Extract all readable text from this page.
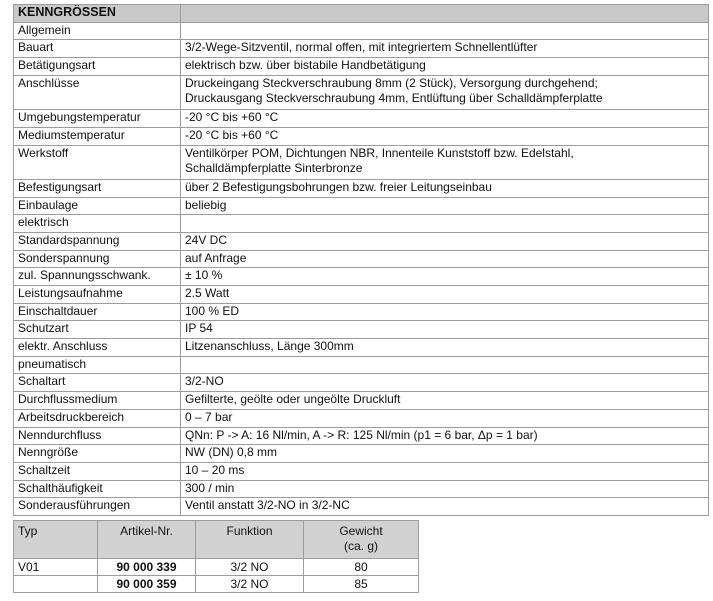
KENNGRÖSSEN	
Allgemein	

Bauart	3/2-Wege-Sitzventil, normal offen, mit integriertem Schnellentlüfter

Betätigungsart	elektrisch bzw. über bistabile Handbetätigung

Anschlüsse	Druckeingang Steckverschraubung 8mm (2 Stück), Versorgung durchgehend;
Druckausgang Steckverschraubung 4mm, Entlüftung über Schalldämpferplatte

Umgebungstemperatur	-20 °C bis +60 °C

Mediumstemperatur	-20 °C bis +60 °C

Werkstoff	Ventilkörper POM, Dichtungen NBR, Innenteile Kunststoff bzw. Edelstahl,
Schalldämpferplatte Sinterbronze

Befestigungsart	über 2 Befestigungsbohrungen bzw. freier Leitungseinbau

Einbaulage	beliebig

elektrisch	

Standardspannung	24V DC

Sonderspannung	auf Anfrage

zul. Spannungsschwank.	± 10 %

Leistungsaufnahme	2.5 Watt

Einschaltdauer	100 % ED

Schutzart	IP 54

elektr. Anschluss	Litzenanschluss, Länge 300mm

pneumatisch	

Schaltart	3/2-NO

Durchflussmedium	Gefilterte, geölte oder ungeölte Druckluft

Arbeitsdruckbereich	0 – 7 bar

Nenndurchfluss	QNn: P -> A: 16 Nl/min, A -> R: 125 Nl/min (p1 = 6 bar, Δp = 1 bar)

Nenngröße	NW (DN) 0,8 mm

Schaltzeit	10 – 20 ms

Schalthäufigkeit	300 / min

Sonderausführungen	Ventil anstatt 3/2-NO in 3/2-NC
Typ	Artikel-Nr.	Funktion	Gewicht
(ca. g)
V01	90 000 339	3/2 NO	80
	90 000 359	3/2 NO	85
